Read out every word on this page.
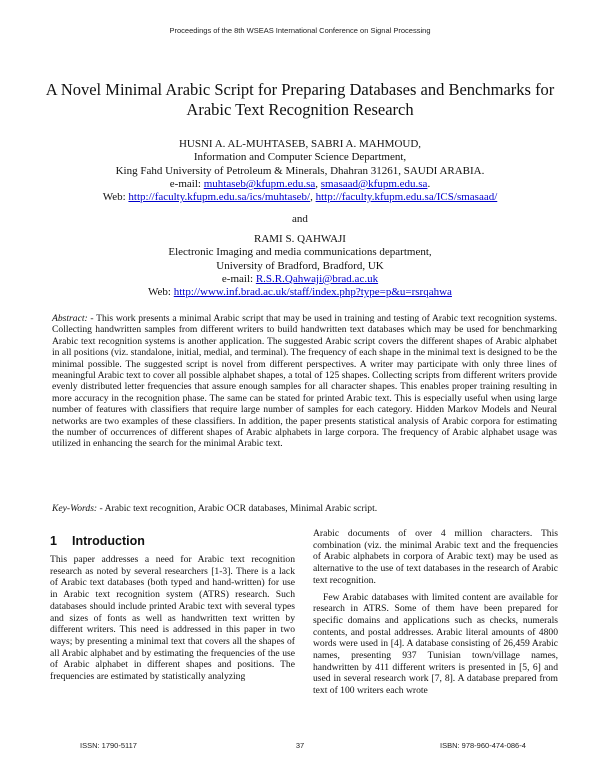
Proceedings of the 8th WSEAS International Conference on Signal Processing
A Novel Minimal Arabic Script for Preparing Databases and Benchmarks for Arabic Text Recognition Research
HUSNI A. AL-MUHTASEB, SABRI A. MAHMOUD,
Information and Computer Science Department,
King Fahd University of Petroleum & Minerals, Dhahran 31261, SAUDI ARABIA.
e-mail: muhtaseb@kfupm.edu.sa, smasaad@kfupm.edu.sa.
Web: http://faculty.kfupm.edu.sa/ics/muhtaseb/, http://faculty.kfupm.edu.sa/ICS/smasaad/
and
RAMI S. QAHWAJI
Electronic Imaging and media communications department,
University of Bradford, Bradford, UK
e-mail: R.S.R.Qahwaji@brad.ac.uk
Web: http://www.inf.brad.ac.uk/staff/index.php?type=p&u=rsrqahwa
Abstract: - This work presents a minimal Arabic script that may be used in training and testing of Arabic text recognition systems. Collecting handwritten samples from different writers to build handwritten text databases which may be used for benchmarking Arabic text recognition systems is another application. The suggested Arabic script covers the different shapes of Arabic alphabet in all positions (viz. standalone, initial, medial, and terminal). The frequency of each shape in the minimal text is designed to be the minimal possible. The suggested script is novel from different perspectives. A writer may participate with only three lines of meaningful Arabic text to cover all possible alphabet shapes, a total of 125 shapes. Collecting scripts from different writers provide evenly distributed letter frequencies that assure enough samples for all character shapes. This enables proper training resulting in more accuracy in the recognition phase. The same can be stated for printed Arabic text. This is especially useful when using large number of features with classifiers that require large number of samples for each category. Hidden Markov Models and Neural networks are two examples of these classifiers. In addition, the paper presents statistical analysis of Arabic corpora for estimating the number of occurrences of different shapes of Arabic alphabets in large corpora. The frequency of Arabic alphabet usage was utilized in enhancing the search for the minimal Arabic text.
Key-Words: - Arabic text recognition, Arabic OCR databases, Minimal Arabic script.
1 Introduction

This paper addresses a need for Arabic text recognition research as noted by several researchers [1-3]. There is a lack of Arabic text databases (both typed and hand-written) for use in Arabic text recognition system (ATRS) research. Such databases should include printed Arabic text with several types and sizes of fonts as well as handwritten text written by different writers. This need is addressed in this paper in two ways; by presenting a minimal text that covers all the shapes of all Arabic alphabet and by estimating the frequencies of the use of Arabic alphabet in different shapes and positions. The frequencies are estimated by statistically analyzing

Arabic documents of over 4 million characters. This combination (viz. the minimal Arabic text and the frequencies of Arabic alphabets in corpora of Arabic text) may be used as alternative to the use of text databases in the research of Arabic text recognition.

Few Arabic databases with limited content are available for research in ATRS. Some of them have been prepared for specific domains and applications such as checks, numerals contents, and postal addresses. Arabic literal amounts of 4800 words were used in [4]. A database consisting of 26,459 Arabic names, presenting 937 Tunisian town/village names, handwritten by 411 different writers is presented in [5, 6] and used in several research work [7, 8]. A database prepared from text of 100 writers each wrote

ISSN: 1790-5117	37	ISBN: 978-960-474-086-4
